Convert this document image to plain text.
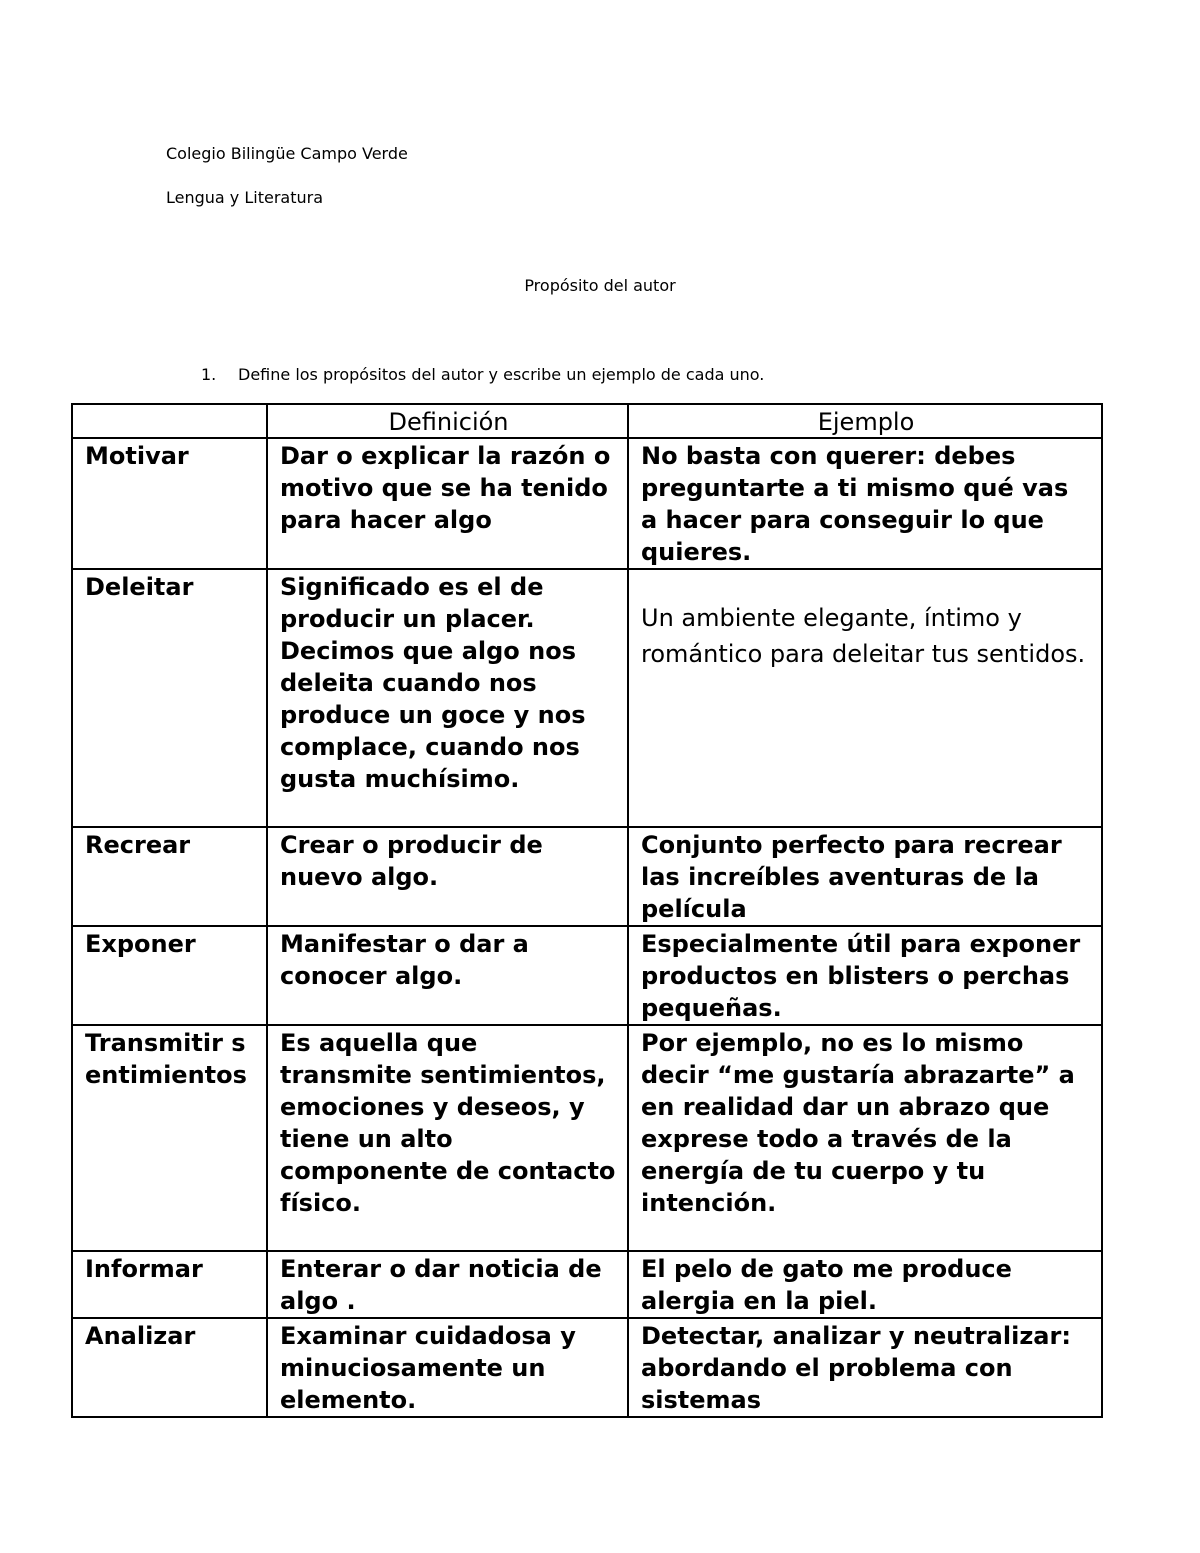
Colegio Bilingüe Campo Verde
Lengua y Literatura
Propósito del autor
1. Define los propósitos del autor y escribe un ejemplo de cada uno.
	Definición	Ejemplo
Motivar	Dar o explicar la razón o motivo que se ha tenido para hacer algo	No basta con querer: debes preguntarte a ti mismo qué vas a hacer para conseguir lo que quieres.
Deleitar	Significado es el de producir un placer. Decimos que algo nos deleita cuando nos produce un goce y nos complace, cuando nos gusta muchísimo.	Un ambiente elegante, íntimo y romántico para deleitar tus sentidos.
Recrear	Crear o producir de nuevo algo.	Conjunto perfecto para recrear las increíbles aventuras de la película
Exponer	Manifestar o dar a conocer algo.	Especialmente útil para exponer productos en blisters o perchas pequeñas.
Transmitir sentimientos	Es aquella que transmite sentimientos, emociones y deseos, y tiene un alto componente de contacto físico.	Por ejemplo, no es lo mismo decir “me gustaría abrazarte” a en realidad dar un abrazo que exprese todo a través de la energía de tu cuerpo y tu intención.
Informar	Enterar o dar noticia de algo .	El pelo de gato me produce alergia en la piel.
Analizar	Examinar cuidadosa y minuciosamente un elemento.	Detectar, analizar y neutralizar: abordando el problema con sistemas
